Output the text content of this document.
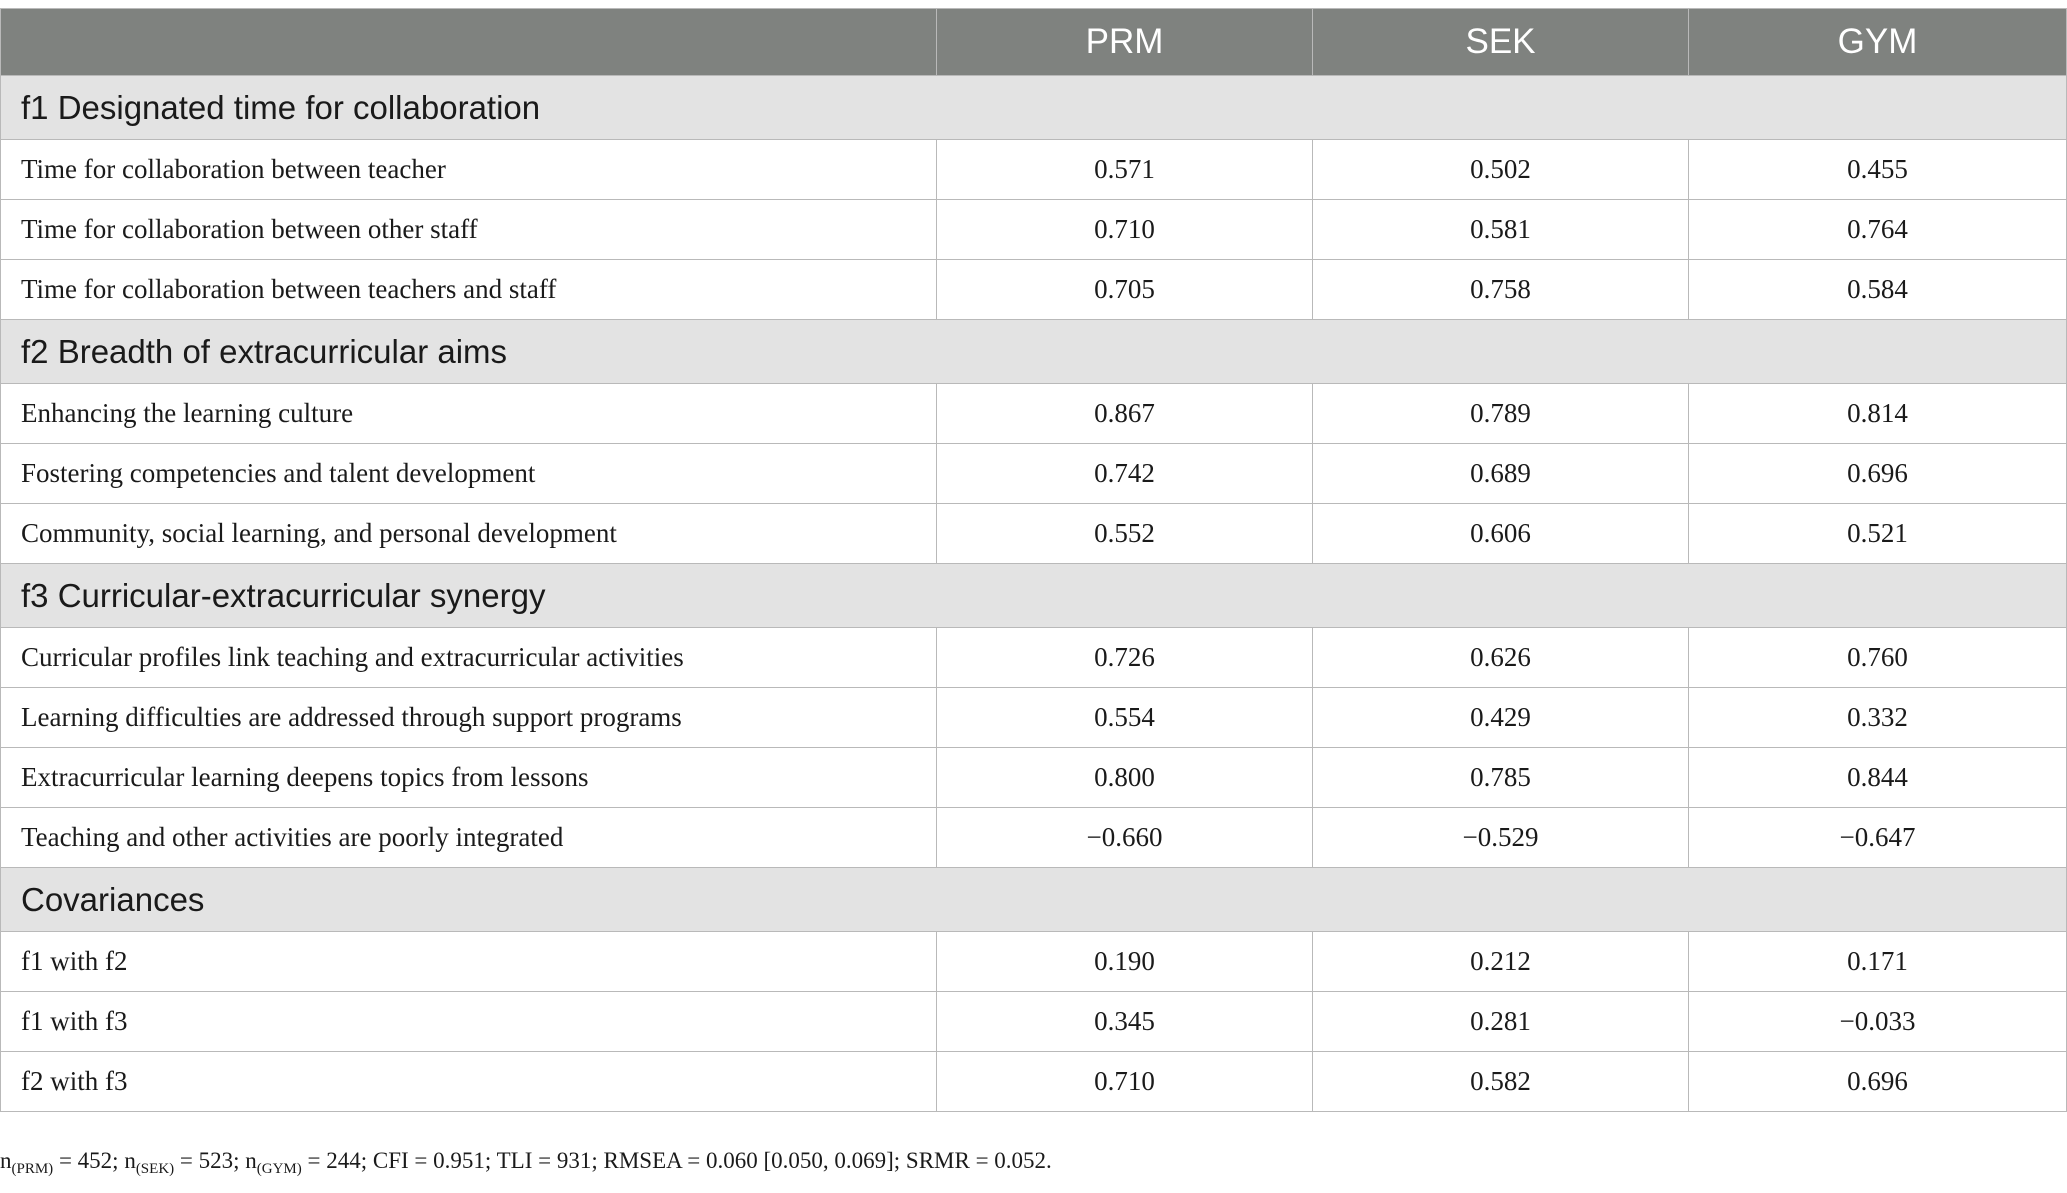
	PRM	SEK	GYM
f1 Designated time for collaboration			
Time for collaboration between teacher	0.571	0.502	0.455
Time for collaboration between other staff	0.710	0.581	0.764
Time for collaboration between teachers and staff	0.705	0.758	0.584
f2 Breadth of extracurricular aims			
Enhancing the learning culture	0.867	0.789	0.814
Fostering competencies and talent development	0.742	0.689	0.696
Community, social learning, and personal development	0.552	0.606	0.521
f3 Curricular-extracurricular synergy			
Curricular profiles link teaching and extracurricular activities	0.726	0.626	0.760
Learning difficulties are addressed through support programs	0.554	0.429	0.332
Extracurricular learning deepens topics from lessons	0.800	0.785	0.844
Teaching and other activities are poorly integrated	−0.660	−0.529	−0.647
Covariances			
f1 with f2	0.190	0.212	0.171
f1 with f3	0.345	0.281	−0.033
f2 with f3	0.710	0.582	0.696
$n_{(PRM)} = 452$; $n_{(SEK)} = 523$; $n_{(GYM)} = 244$; CFI = 0.951; TLI = 931; RMSEA = 0.060 [0.050, 0.069]; SRMR = 0.052.
